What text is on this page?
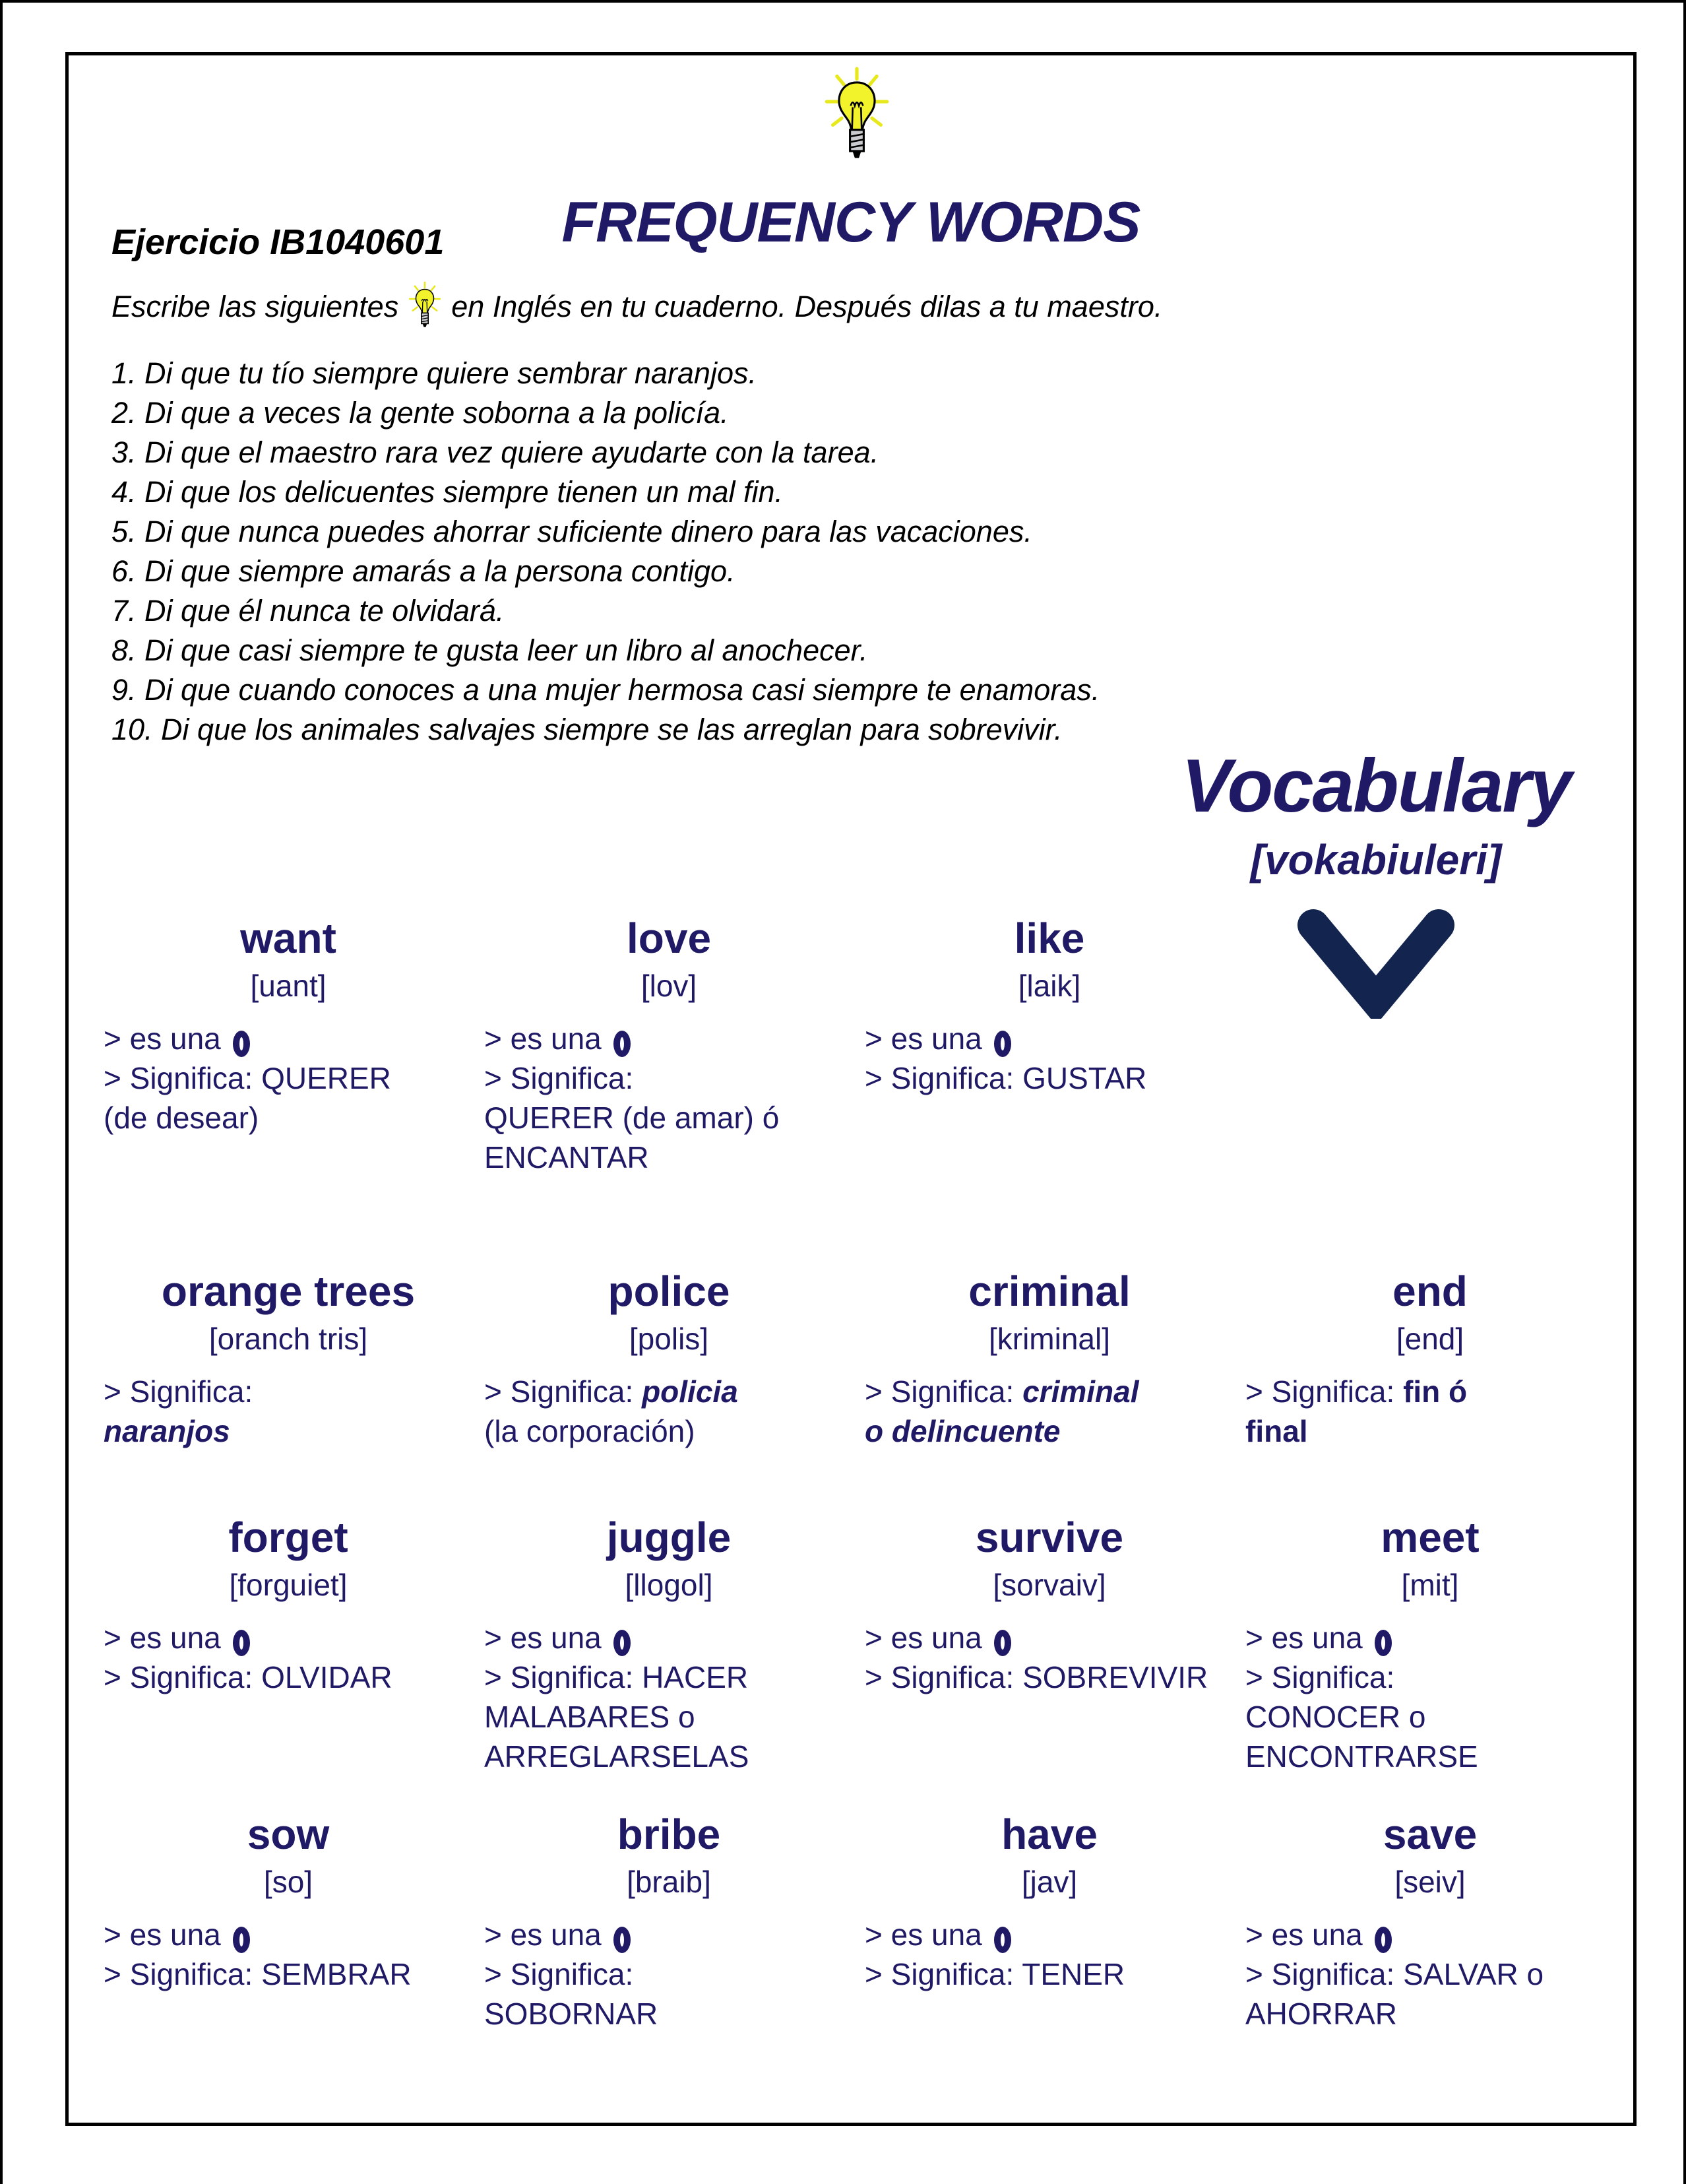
FREQUENCY WORDS
Ejercicio IB1040601
Escribe las siguientes en Inglés en tu cuaderno. Después dilas a tu maestro.
1. Di que tu tío siempre quiere sembrar naranjos.
2. Di que a veces la gente soborna a la policía.
3. Di que el maestro rara vez quiere ayudarte con la tarea.
4. Di que los delicuentes siempre tienen un mal fin.
5. Di que nunca puedes ahorrar suficiente dinero para las vacaciones.
6. Di que siempre amarás a la persona contigo.
7. Di que él nunca te olvidará.
8. Di que casi siempre te gusta leer un libro al anochecer.
9. Di que cuando conoces a una mujer hermosa casi siempre te enamoras.
10. Di que los animales salvajes siempre se las arreglan para sobrevivir.
Vocabulary
[vokabiuleri]
want
[uant]
> es una
> Significa: QUERER
(de desear)
love
[lov]
> es una
> Significa:
QUERER (de amar) ó
ENCANTAR
like
[laik]
> es una
> Significa: GUSTAR
orange trees
[oranch tris]
> Significa:
naranjos
police
[polis]
> Significa: policia
(la corporación)
criminal
[kriminal]
> Significa: criminal
o delincuente
end
[end]
> Significa: fin ó
final
forget
[forguiet]
> es una
> Significa: OLVIDAR
juggle
[llogol]
> es una
> Significa: HACER
MALABARES o
ARREGLARSELAS
survive
[sorvaiv]
> es una
> Significa: SOBREVIVIR
meet
[mit]
> es una
> Significa:
CONOCER o
ENCONTRARSE
sow
[so]
> es una
> Significa: SEMBRAR
bribe
[braib]
> es una
> Significa:
SOBORNAR
have
[jav]
> es una
> Significa: TENER
save
[seiv]
> es una
> Significa: SALVAR o
AHORRAR
